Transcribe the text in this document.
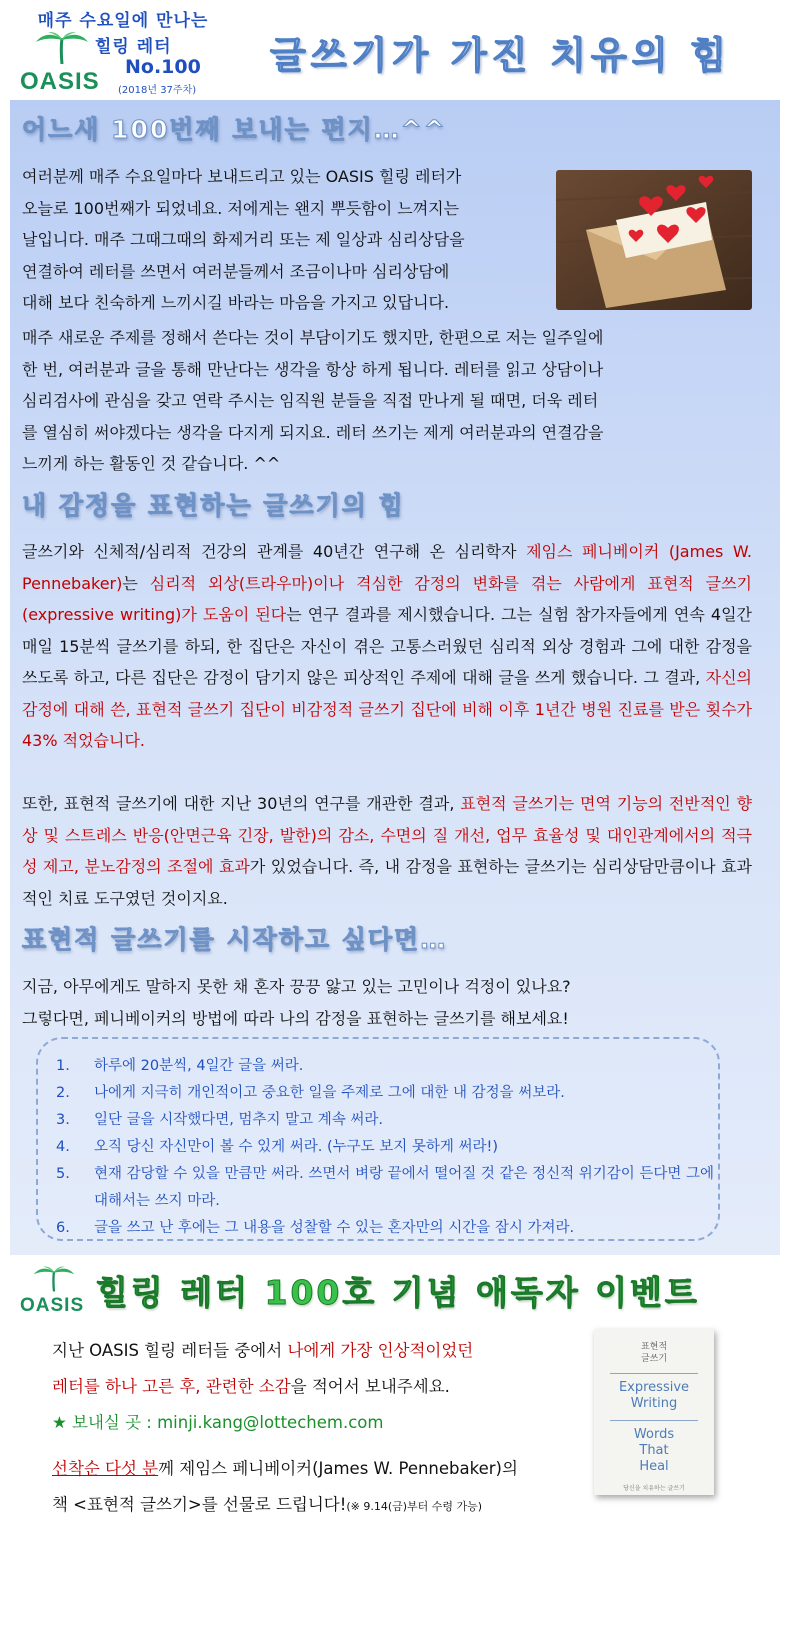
매주 수요일에 만나는
힐링 레터
No.100
(2018년 37주차)
OASIS
글쓰기가 가진 치유의 힘
어느새 100번째 보내는 편지…^^
여러분께 매주 수요일마다 보내드리고 있는 OASIS 힐링 레터가
오늘로 100번째가 되었네요. 저에게는 왠지 뿌듯함이 느껴지는
날입니다. 매주 그때그때의 화제거리 또는 제 일상과 심리상담을
연결하여 레터를 쓰면서 여러분들께서 조금이나마 심리상담에
대해 보다 친숙하게 느끼시길 바라는 마음을 가지고 있답니다.
매주 새로운 주제를 정해서 쓴다는 것이 부담이기도 했지만, 한편으로 저는 일주일에
한 번, 여러분과 글을 통해 만난다는 생각을 항상 하게 됩니다. 레터를 읽고 상담이나
심리검사에 관심을 갖고 연락 주시는 임직원 분들을 직접 만나게 될 때면, 더욱 레터
를 열심히 써야겠다는 생각을 다지게 되지요. 레터 쓰기는 제게 여러분과의 연결감을
느끼게 하는 활동인 것 같습니다. ^^
내 감정을 표현하는 글쓰기의 힘
글쓰기와 신체적/심리적 건강의 관계를 40년간 연구해 온 심리학자 제임스 페니베이커 (James W. Pennebaker)는 심리적 외상(트라우마)이나 격심한 감정의 변화를 겪는 사람에게 표현적 글쓰기(expressive writing)가 도움이 된다는 연구 결과를 제시했습니다. 그는 실험 참가자들에게 연속 4일간 매일 15분씩 글쓰기를 하되, 한 집단은 자신이 겪은 고통스러웠던 심리적 외상 경험과 그에 대한 감정을 쓰도록 하고, 다른 집단은 감정이 담기지 않은 피상적인 주제에 대해 글을 쓰게 했습니다. 그 결과, 자신의 감정에 대해 쓴, 표현적 글쓰기 집단이 비감정적 글쓰기 집단에 비해 이후 1년간 병원 진료를 받은 횟수가 43% 적었습니다.
또한, 표현적 글쓰기에 대한 지난 30년의 연구를 개관한 결과, 표현적 글쓰기는 면역 기능의 전반적인 향상 및 스트레스 반응(안면근육 긴장, 발한)의 감소, 수면의 질 개선, 업무 효율성 및 대인관계에서의 적극성 제고, 분노감정의 조절에 효과가 있었습니다. 즉, 내 감정을 표현하는 글쓰기는 심리상담만큼이나 효과적인 치료 도구였던 것이지요.
표현적 글쓰기를 시작하고 싶다면…
지금, 아무에게도 말하지 못한 채 혼자 끙끙 앓고 있는 고민이나 걱정이 있나요?
그렇다면, 페니베이커의 방법에 따라 나의 감정을 표현하는 글쓰기를 해보세요!
1. 하루에 20분씩, 4일간 글을 써라.
2. 나에게 지극히 개인적이고 중요한 일을 주제로 그에 대한 내 감정을 써보라.
3. 일단 글을 시작했다면, 멈추지 말고 계속 써라.
4. 오직 당신 자신만이 볼 수 있게 써라. (누구도 보지 못하게 써라!)
5. 현재 감당할 수 있을 만큼만 써라. 쓰면서 벼랑 끝에서 떨어질 것 같은 정신적 위기감이 든다면 그에 대해서는 쓰지 마라.
6. 글을 쓰고 난 후에는 그 내용을 성찰할 수 있는 혼자만의 시간을 잠시 가져라.
OASIS 힐링 레터 100호 기념 애독자 이벤트
지난 OASIS 힐링 레터들 중에서 나에게 가장 인상적이었던
레터를 하나 고른 후, 관련한 소감을 적어서 보내주세요.
★ 보내실 곳 : minji.kang@lottechem.com
선착순 다섯 분께 제임스 페니베이커(James W. Pennebaker)의
책 <표현적 글쓰기>를 선물로 드립니다!(※ 9.14(금)부터 수령 가능)
표현적
글쓰기
Expressive
Writing
Words
That
Heal
당신을 치유하는 글쓰기
